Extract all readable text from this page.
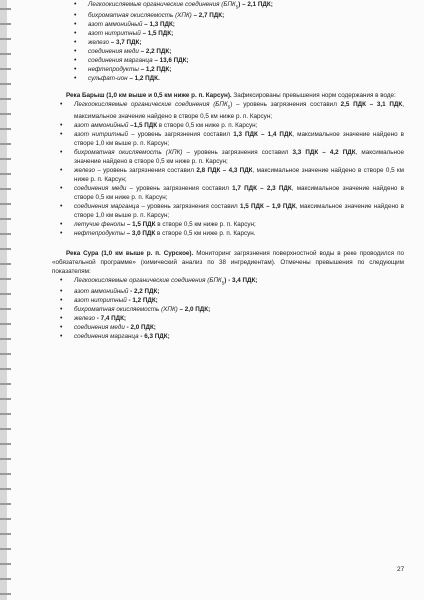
• Легкоокисляемые органические соединения $(БПК_5) - 2,1$ ПДК;
• бихроматная окисляемость (ХПК) – 2,7 ПДК;
• азот аммонийный – 1,3 ПДК;
• азот нитритный – 1,5 ПДК;
• железо – 3,7 ПДК;
• соединения меди – 2,2 ПДК;
• соединения марганца – 13,6 ПДК;
• нефтепродукты – 1,2 ПДК;
• сульфат-ион – 1,2 ПДК.
Река Барыш (1,0 км выше и 0,5 км ниже р. п. Карсун). Зафиксированы превышения норм содержания в воде:
• Легкоокисляемые органические соединения $(БПК_5)$ – уровень загрязнения составил 2,5 ПДК – 3,1 ПДК, максимальное значение найдено в створе 0,5 км ниже р. п. Карсун;
• азот аммонийный –1,5 ПДК в створе 0,5 км ниже р. п. Карсун;
• азот нитритный – уровень загрязнения составил 1,3 ПДК – 1,4 ПДК, максимальное значение найдено в створе 1,0 км выше р. п. Карсун;
• бихроматная окисляемость (ХПК) – уровень загрязнения составил 3,3 ПДК – 4,2 ПДК, максимальное значение найдено в створе 0,5 км ниже р. п. Карсун;
• железо – уровень загрязнения составил 2,8 ПДК – 4,3 ПДК, максимальное значение найдено в створе 0,5 км ниже р. п. Карсун;
• соединения меди – уровень загрязнения составил 1,7 ПДК – 2,3 ПДК, максимальное значение найдено в створе 0,5 км ниже р. п. Карсун;
• соединения марганца – уровень загрязнения составил 1,5 ПДК – 1,9 ПДК, максимальное значение найдено в створе 1,0 км выше р. п. Карсун;
• летучие фенолы – 1,5 ПДК в створе 0,5 км ниже р. п. Карсун;
• нефтепродукты – 3,0 ПДК в створе 0,5 км ниже р. п. Карсун.
Река Сура (1,0 км выше р. п. Сурское). Мониторинг загрязнения поверхностной воды в реке проводился по «обязательной программе» (химический анализ по 38 ингредиентам). Отмечены превышения по следующим показателям:
• Легкоокисляемые органические соединения $(БПК_5) - 3,4$ ПДК;
• азот аммонийный - 2,2 ПДК;
• азот нитритный - 1,2 ПДК;
• бихроматная окисляемость (ХПК) – 2,0 ПДК;
• железо - 7,4 ПДК;
• соединения меди - 2,0 ПДК;
• соединения марганца - 6,3 ПДК;
27
